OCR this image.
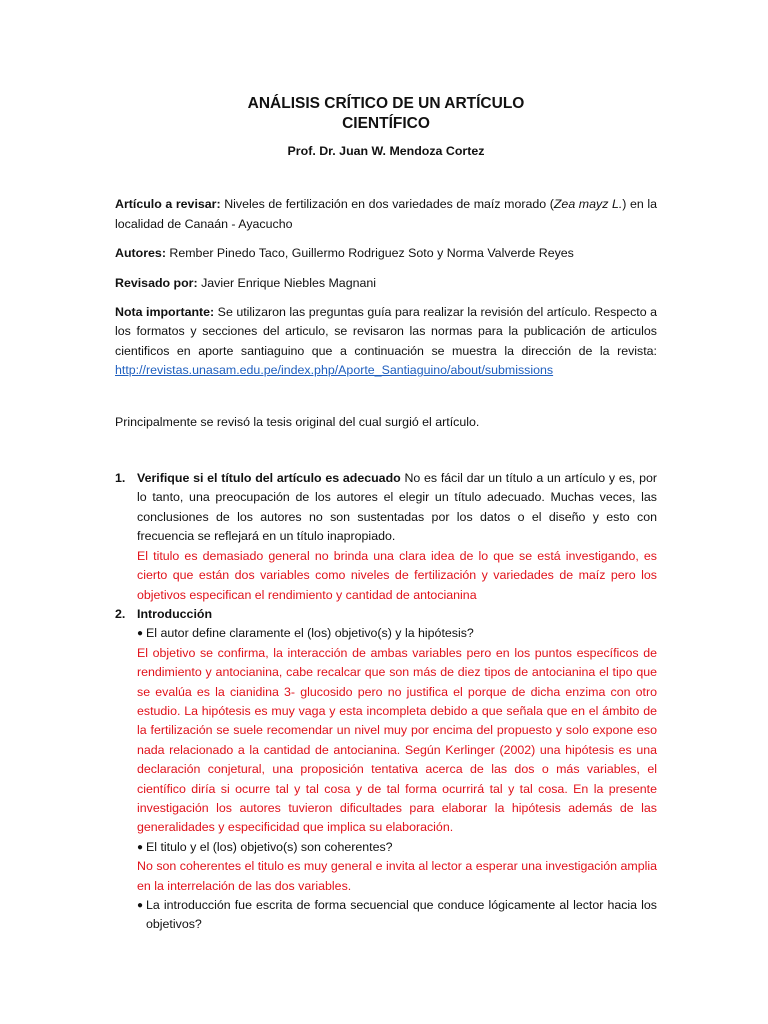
ANÁLISIS CRÍTICO DE UN ARTÍCULO

CIENTÍFICO

Prof. Dr. Juan W. Mendoza Cortez

Artículo a revisar: Niveles de fertilización en dos variedades de maíz morado (Zea mayz L.) en la localidad de Canaán - Ayacucho

Autores: Rember Pinedo Taco, Guillermo Rodriguez Soto y Norma Valverde Reyes

Revisado por: Javier Enrique Niebles Magnani

Nota importante: Se utilizaron las preguntas guía para realizar la revisión del artículo. Respecto a los formatos y secciones del articulo, se revisaron las normas para la publicación de articulos cientificos en aporte santiaguino que a continuación se muestra la dirección de la revista: http://revistas.unasam.edu.pe/index.php/Aporte_Santiaguino/about/submissions

Principalmente se revisó la tesis original del cual surgió el artículo.

1. Verifique si el título del artículo es adecuado No es fácil dar un título a un artículo y es, por lo tanto, una preocupación de los autores el elegir un título adecuado. Muchas veces, las conclusiones de los autores no son sustentadas por los datos o el diseño y esto con frecuencia se reflejará en un título inapropiado.

El titulo es demasiado general no brinda una clara idea de lo que se está investigando, es cierto que están dos variables como niveles de fertilización y variedades de maíz pero los objetivos especifican el rendimiento y cantidad de antocianina

2. Introducción

● El autor define claramente el (los) objetivo(s) y la hipótesis?

El objetivo se confirma, la interacción de ambas variables pero en los puntos específicos de rendimiento y antocianina, cabe recalcar que son más de diez tipos de antocianina el tipo que se evalúa es la cianidina 3- glucosido pero no justifica el porque de dicha enzima con otro estudio. La hipótesis es muy vaga y esta incompleta debido a que señala que en el ámbito de la fertilización se suele recomendar un nivel muy por encima del propuesto y solo expone eso nada relacionado a la cantidad de antocianina. Según Kerlinger (2002) una hipótesis es una declaración conjetural, una proposición tentativa acerca de las dos o más variables, el científico diría si ocurre tal y tal cosa y de tal forma ocurrirá tal y tal cosa. En la presente investigación los autores tuvieron dificultades para elaborar la hipótesis además de las generalidades y especificidad que implica su elaboración.

● El titulo y el (los) objetivo(s) son coherentes?

No son coherentes el titulo es muy general e invita al lector a esperar una investigación amplia en la interrelación de las dos variables.

● La introducción fue escrita de forma secuencial que conduce lógicamente al lector hacia los objetivos?
